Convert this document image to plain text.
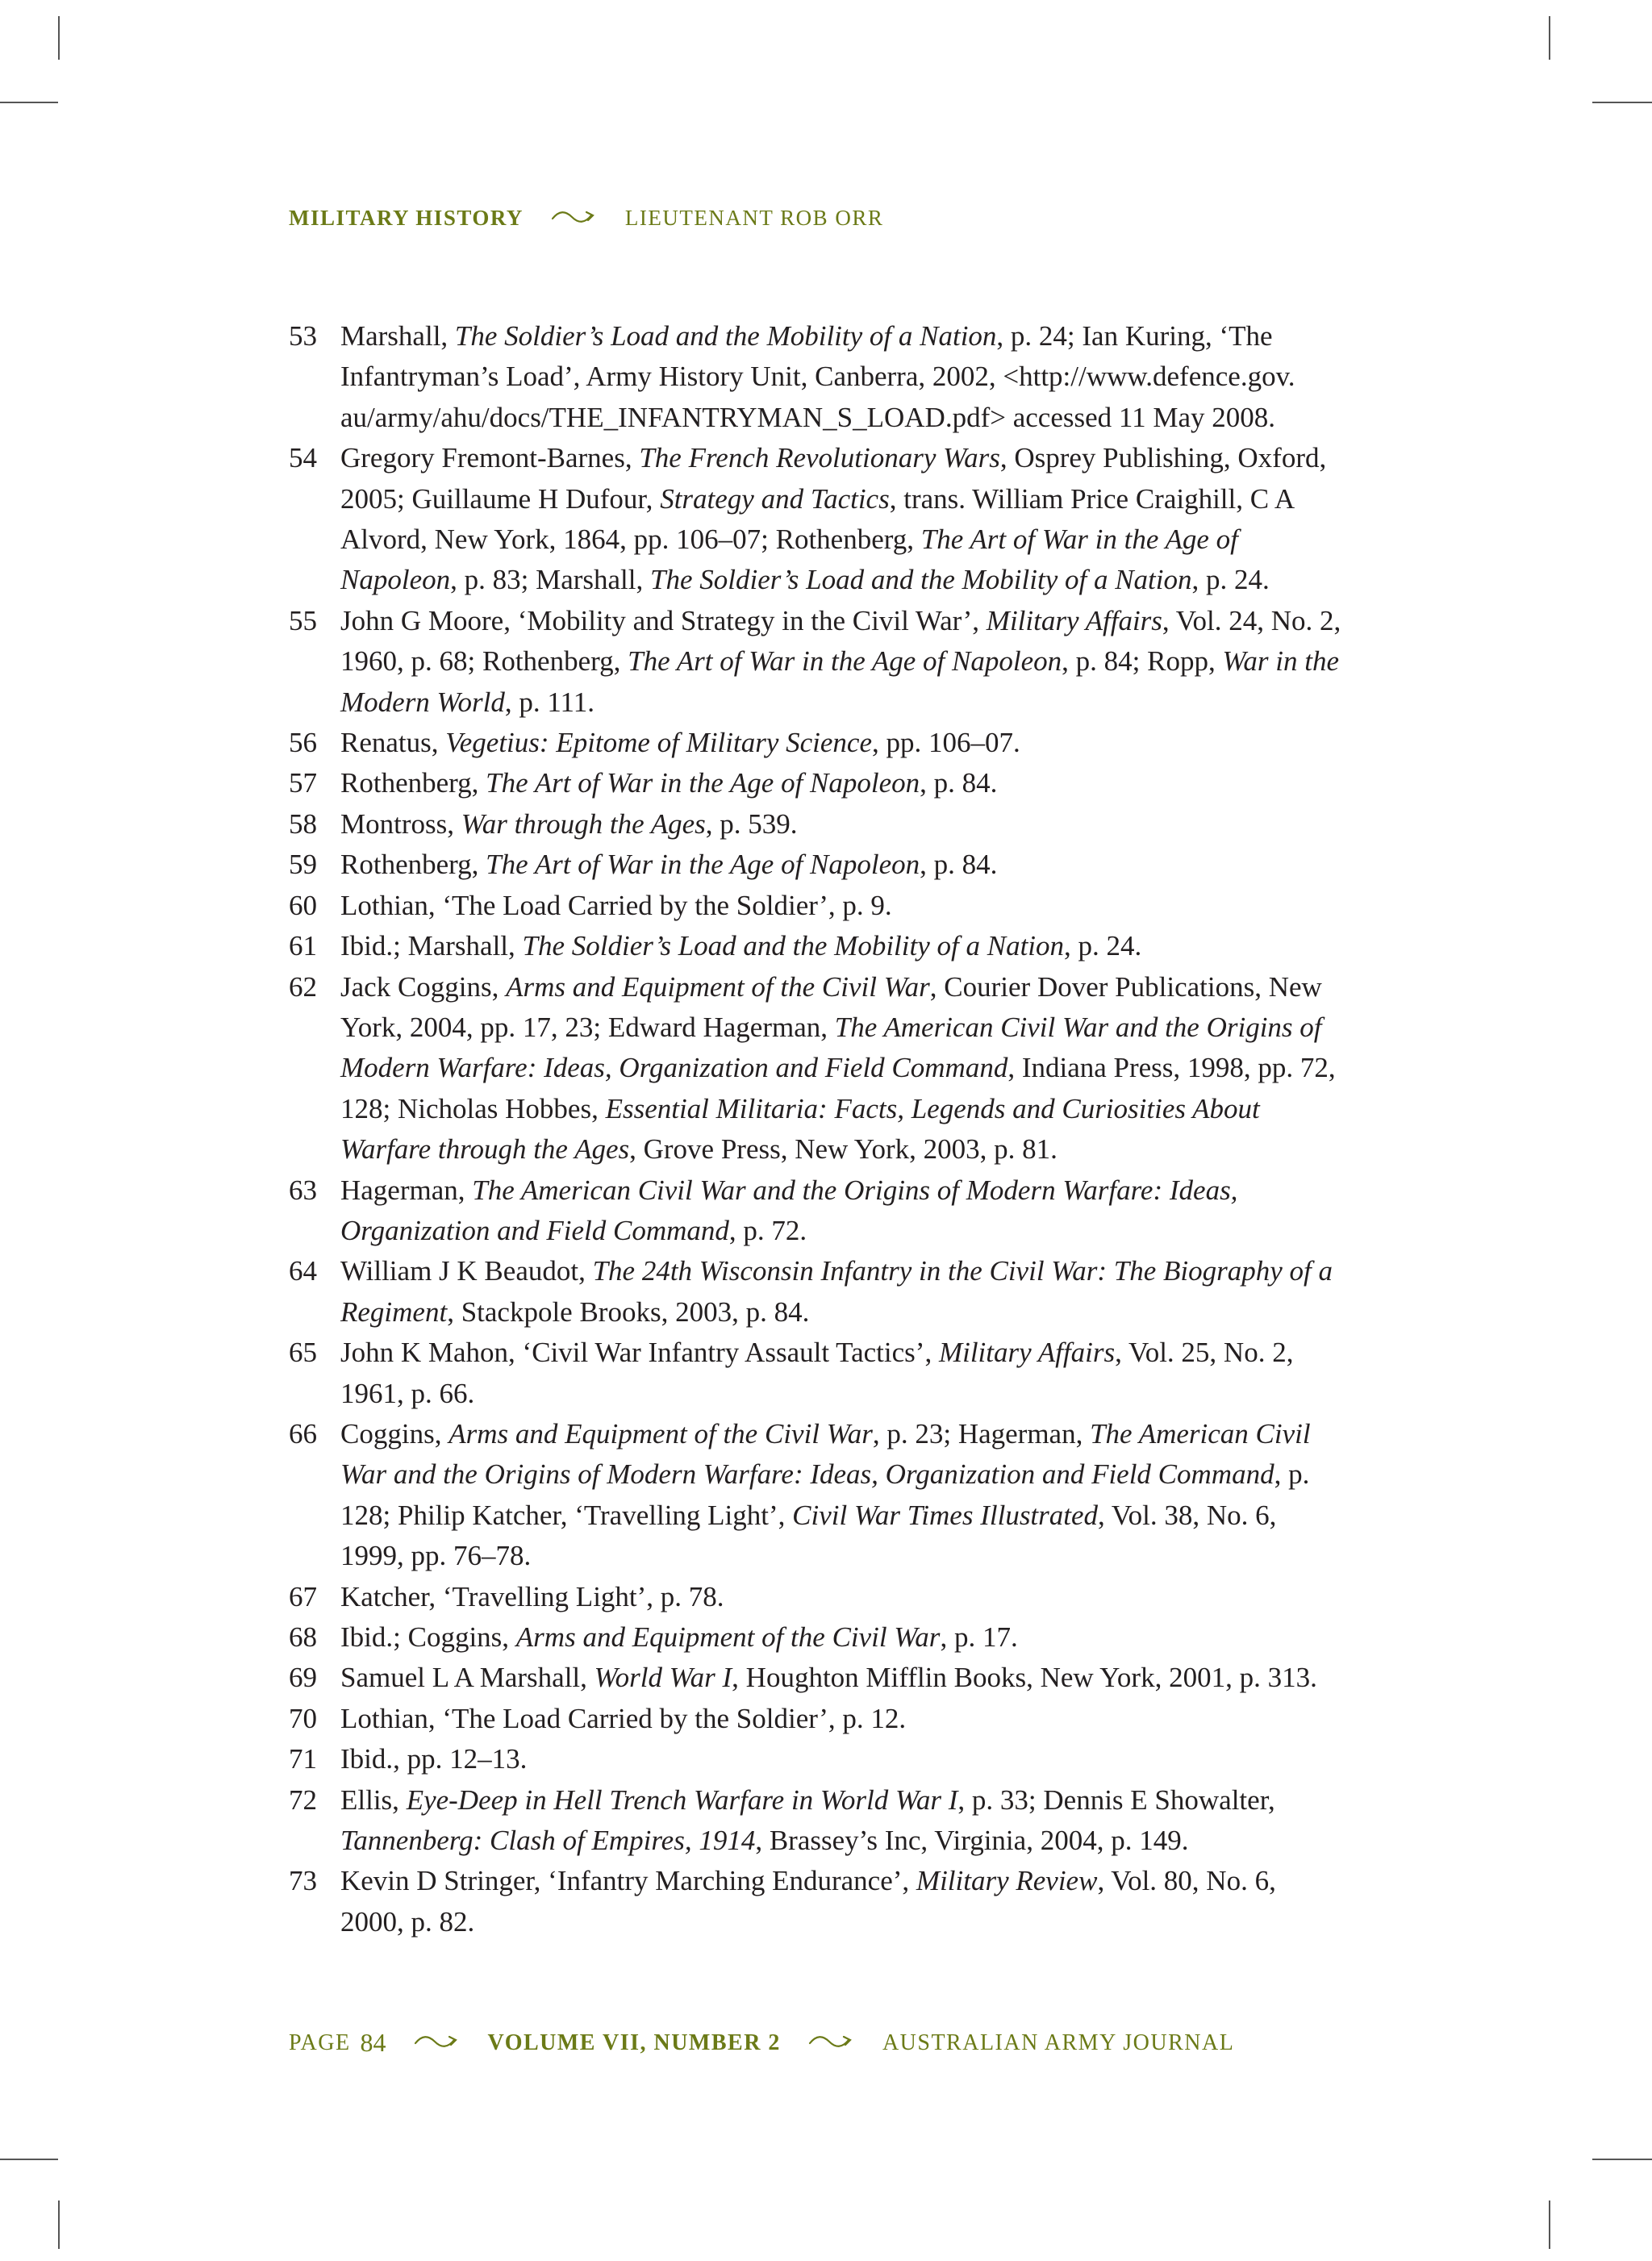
MILITARY HISTORY	LIEUTENANT ROB ORR
53 Marshall, The Soldier’s Load and the Mobility of a Nation, p. 24; Ian Kuring, ‘The Infantryman’s Load’, Army History Unit, Canberra, 2002, <http://www.defence.gov.
au/army/ahu/docs/THE_INFANTRYMAN_S_LOAD.pdf> accessed 11 May 2008.
54 Gregory Fremont-Barnes, The French Revolutionary Wars, Osprey Publishing, Oxford, 2005; Guillaume H Dufour, Strategy and Tactics, trans. William Price Craighill, C A Alvord, New York, 1864, pp. 106–07; Rothenberg, The Art of War in the Age of Napoleon, p. 83; Marshall, The Soldier’s Load and the Mobility of a Nation, p. 24.
55 John G Moore, ‘Mobility and Strategy in the Civil War’, Military Affairs, Vol. 24, No. 2, 1960, p. 68; Rothenberg, The Art of War in the Age of Napoleon, p. 84; Ropp, War in the Modern World, p. 111.
56 Renatus, Vegetius: Epitome of Military Science, pp. 106–07.
57 Rothenberg, The Art of War in the Age of Napoleon, p. 84.
58 Montross, War through the Ages, p. 539.
59 Rothenberg, The Art of War in the Age of Napoleon, p. 84.
60 Lothian, ‘The Load Carried by the Soldier’, p. 9.
61 Ibid.; Marshall, The Soldier’s Load and the Mobility of a Nation, p. 24.
62 Jack Coggins, Arms and Equipment of the Civil War, Courier Dover Publications, New York, 2004, pp. 17, 23; Edward Hagerman, The American Civil War and the Origins of Modern Warfare: Ideas, Organization and Field Command, Indiana Press, 1998, pp. 72, 128; Nicholas Hobbes, Essential Militaria: Facts, Legends and Curiosities About Warfare through the Ages, Grove Press, New York, 2003, p. 81.
63 Hagerman, The American Civil War and the Origins of Modern Warfare: Ideas, Organization and Field Command, p. 72.
64 William J K Beaudot, The 24th Wisconsin Infantry in the Civil War: The Biography of a Regiment, Stackpole Brooks, 2003, p. 84.
65 John K Mahon, ‘Civil War Infantry Assault Tactics’, Military Affairs, Vol. 25, No. 2, 1961, p. 66.
66 Coggins, Arms and Equipment of the Civil War, p. 23; Hagerman, The American Civil War and the Origins of Modern Warfare: Ideas, Organization and Field Command, p. 128; Philip Katcher, ‘Travelling Light’, Civil War Times Illustrated, Vol. 38, No. 6, 1999, pp. 76–78.
67 Katcher, ‘Travelling Light’, p. 78.
68 Ibid.; Coggins, Arms and Equipment of the Civil War, p. 17.
69 Samuel L A Marshall, World War I, Houghton Mifflin Books, New York, 2001, p. 313.
70 Lothian, ‘The Load Carried by the Soldier’, p. 12.
71 Ibid., pp. 12–13.
72 Ellis, Eye-Deep in Hell Trench Warfare in World War I, p. 33; Dennis E Showalter, Tannenberg: Clash of Empires, 1914, Brassey’s Inc, Virginia, 2004, p. 149.
73 Kevin D Stringer, ‘Infantry Marching Endurance’, Military Review, Vol. 80, No. 6, 2000, p. 82.
PAGE 84	VOLUME VII, NUMBER 2	AUSTRALIAN ARMY JOURNAL
